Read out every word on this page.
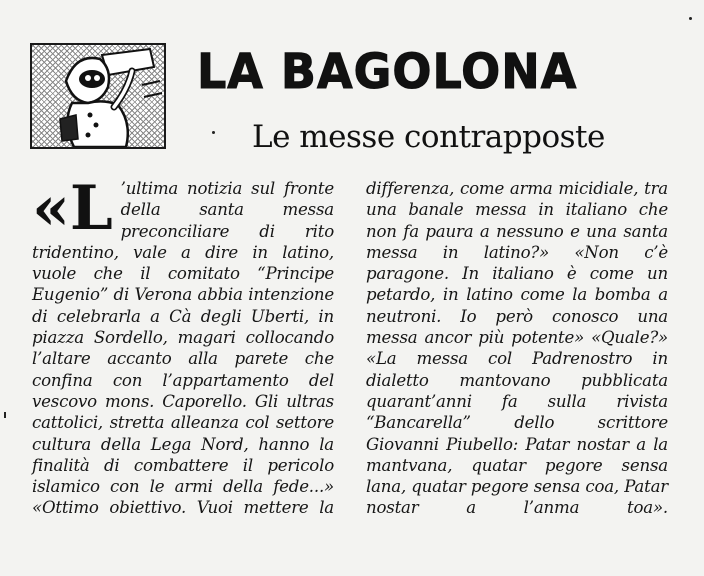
LA BAGOLONA
Le messe contrapposte
«L ’ultima notizia sul fronte della santa messa preconciliare di rito tridentino, vale a dire in latino, vuole che il comitato “Principe Eugenio” di Verona abbia intenzione di celebrarla a Cà degli Uberti, in piazza Sordello, magari collocando l’altare accanto alla parete che confina con l’appartamento del vescovo mons. Caporello. Gli ultras cattolici, stretta alleanza col settore cultura della Lega Nord, hanno la finalità di combattere il pericolo islamico con le armi della fede...» «Ottimo obiettivo. Vuoi mettere la

differenza, come arma micidiale, tra una banale messa in italiano che non fa paura a nessuno e una santa messa in latino?» «Non c’è paragone. In italiano è come un petardo, in latino come la bomba a neutroni. Io però conosco una messa ancor più potente» «Quale?» «La messa col Padrenostro in dialetto mantovano pubblicata quarant’anni fa sulla rivista “Bancarella” dello scrittore Giovanni Piubello: Patar nostar a la mantvana, quatar pegore sensa lana, quatar pegore sensa coa, Patar nostar a l’anma toa».
